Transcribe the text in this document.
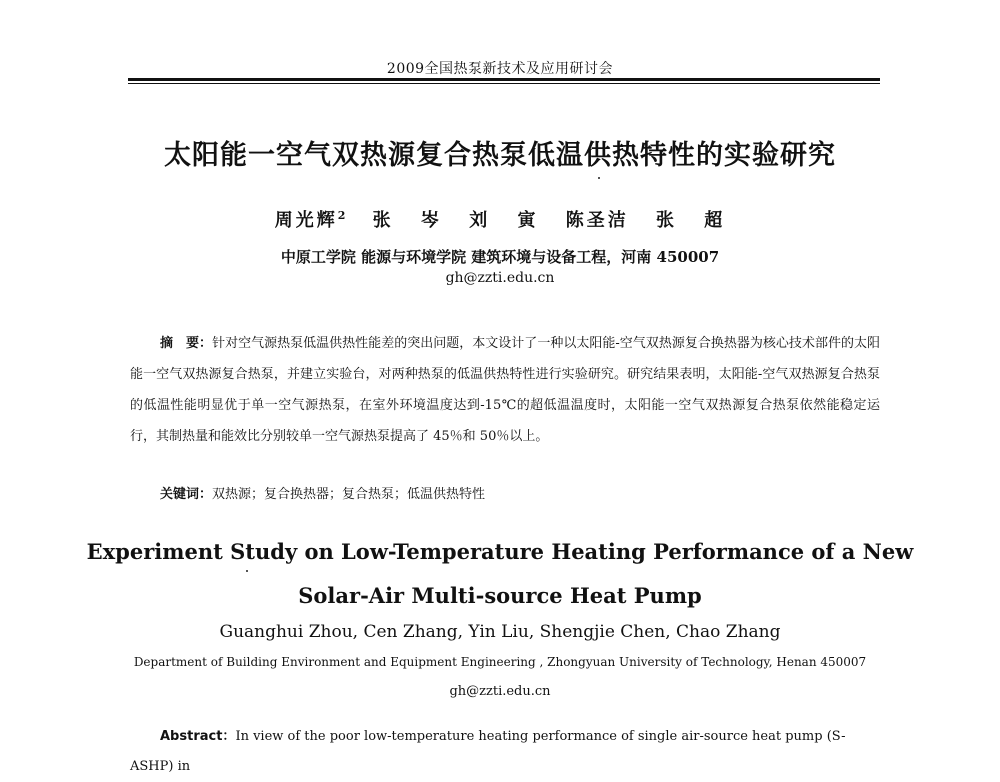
2009全国热泵新技术及应用研讨会
太阳能一空气双热源复合热泵低温供热特性的实验研究
周光辉$^2$ 张 岑 刘 寅 陈圣洁 张 超
中原工学院 能源与环境学院 建筑环境与设备工程，河南 450007
gh@zzti.edu.cn
摘　要：针对空气源热泵低温供热性能差的突出问题，本文设计了一种以太阳能-空气双热源复合换热器为核心技术部件的太阳能一空气双热源复合热泵，并建立实验台，对两种热泵的低温供热特性进行实验研究。研究结果表明，太阳能-空气双热源复合热泵的低温性能明显优于单一空气源热泵，在室外环境温度达到-15℃的超低温温度时，太阳能一空气双热源复合热泵依然能稳定运行，其制热量和能效比分别较单一空气源热泵提高了 45％和 50％以上。
关键词：双热源；复合换热器；复合热泵；低温供热特性
Experiment Study on Low-Temperature Heating Performance of a New
Solar-Air Multi-source Heat Pump
Guanghui Zhou, Cen Zhang, Yin Liu, Shengjie Chen, Chao Zhang
Department of Building Environment and Equipment Engineering , Zhongyuan University of Technology, Henan 450007
gh@zzti.edu.cn
Abstract：In view of the poor low-temperature heating performance of single air-source heat pump (S-ASHP) in
